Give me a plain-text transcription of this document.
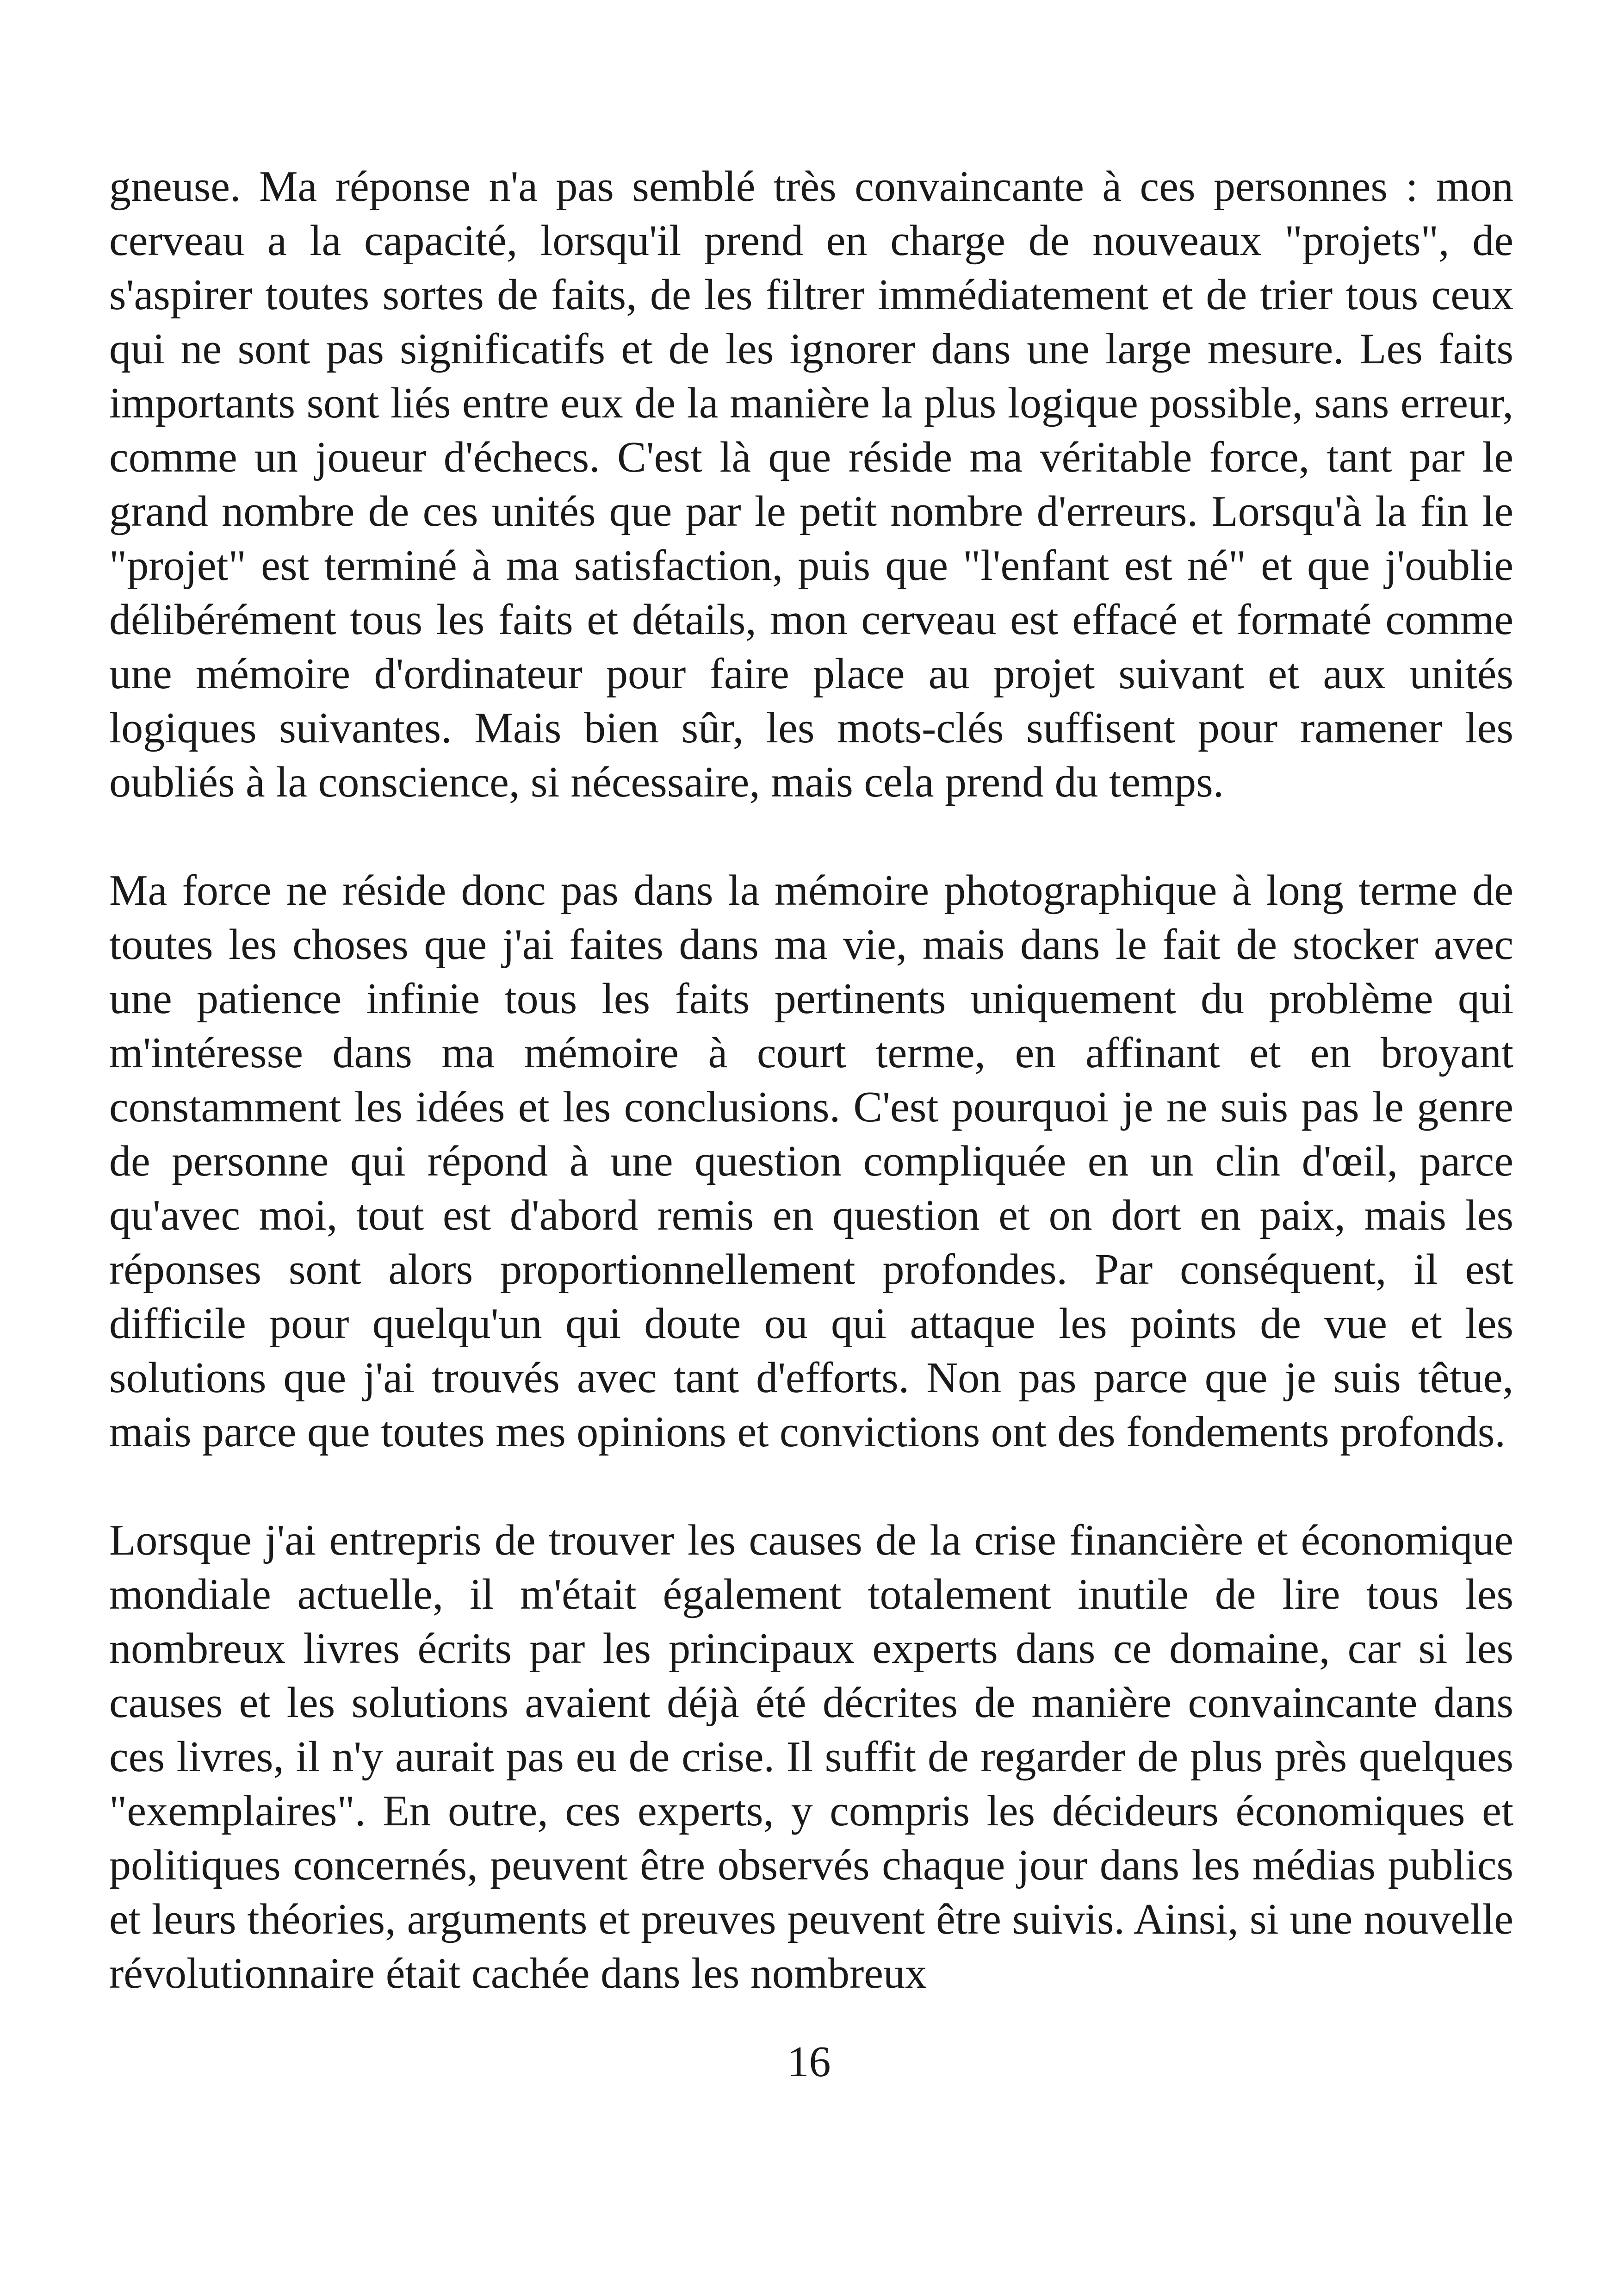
gneuse. Ma réponse n'a pas semblé très convaincante à ces personnes : mon cerveau a la capacité, lorsqu'il prend en charge de nouveaux "projets", de s'aspirer toutes sortes de faits, de les filtrer immédiatement et de trier tous ceux qui ne sont pas significatifs et de les ignorer dans une large mesure. Les faits importants sont liés entre eux de la manière la plus logique possible, sans erreur, comme un joueur d'échecs. C'est là que réside ma véritable force, tant par le grand nombre de ces unités que par le petit nombre d'erreurs. Lorsqu'à la fin le "projet" est terminé à ma satisfaction, puis que "l'enfant est né" et que j'oublie délibérément tous les faits et détails, mon cerveau est effacé et formaté comme une mémoire d'ordinateur pour faire place au projet suivant et aux unités logiques suivantes. Mais bien sûr, les mots-clés suffisent pour ramener les oubliés à la conscience, si nécessaire, mais cela prend du temps.

Ma force ne réside donc pas dans la mémoire photographique à long terme de toutes les choses que j'ai faites dans ma vie, mais dans le fait de stocker avec une patience infinie tous les faits pertinents uniquement du problème qui m'intéresse dans ma mémoire à court terme, en affinant et en broyant constamment les idées et les conclusions. C'est pourquoi je ne suis pas le genre de personne qui répond à une question compliquée en un clin d'œil, parce qu'avec moi, tout est d'abord remis en question et on dort en paix, mais les réponses sont alors proportionnellement profondes. Par conséquent, il est difficile pour quelqu'un qui doute ou qui attaque les points de vue et les solutions que j'ai trouvés avec tant d'efforts. Non pas parce que je suis têtue, mais parce que toutes mes opinions et convictions ont des fondements profonds.

Lorsque j'ai entrepris de trouver les causes de la crise financière et économique mondiale actuelle, il m'était également totalement inutile de lire tous les nombreux livres écrits par les principaux experts dans ce domaine, car si les causes et les solutions avaient déjà été décrites de manière convaincante dans ces livres, il n'y aurait pas eu de crise. Il suffit de regarder de plus près quelques "exemplaires". En outre, ces experts, y compris les décideurs économiques et politiques concernés, peuvent être observés chaque jour dans les médias publics et leurs théories, arguments et preuves peuvent être suivis. Ainsi, si une nouvelle révolutionnaire était cachée dans les nombreux

16
